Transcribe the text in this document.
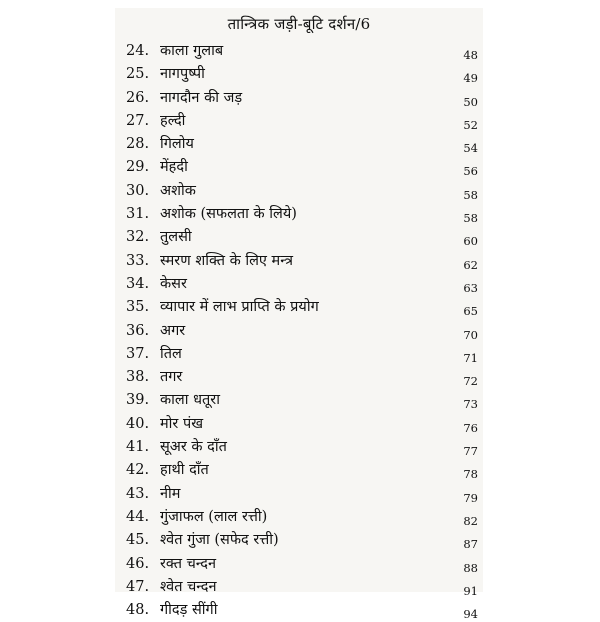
तान्त्रिक जड़ी-बूटि दर्शन/6
24. काला गुलाब	48
25. नागपुष्पी	49
26. नागदौन की जड़	50
27. हल्दी	52
28. गिलोय	54
29. मेंहदी	56
30. अशोक	58
31. अशोक (सफलता के लिये)	58
32. तुलसी	60
33. स्मरण शक्ति के लिए मन्त्र	62
34. केसर	63
35. व्यापार में लाभ प्राप्ति के प्रयोग	65
36. अगर	70
37. तिल	71
38. तगर	72
39. काला धतूरा	73
40. मोर पंख	76
41. सूअर के दाँत	77
42. हाथी दाँत	78
43. नीम	79
44. गुंजाफल (लाल रत्ती)	82
45. श्वेत गुंजा (सफेद रत्ती)	87
46. रक्त चन्दन	88
47. श्वेत चन्दन	91
48. गीदड़ सींगी	94
